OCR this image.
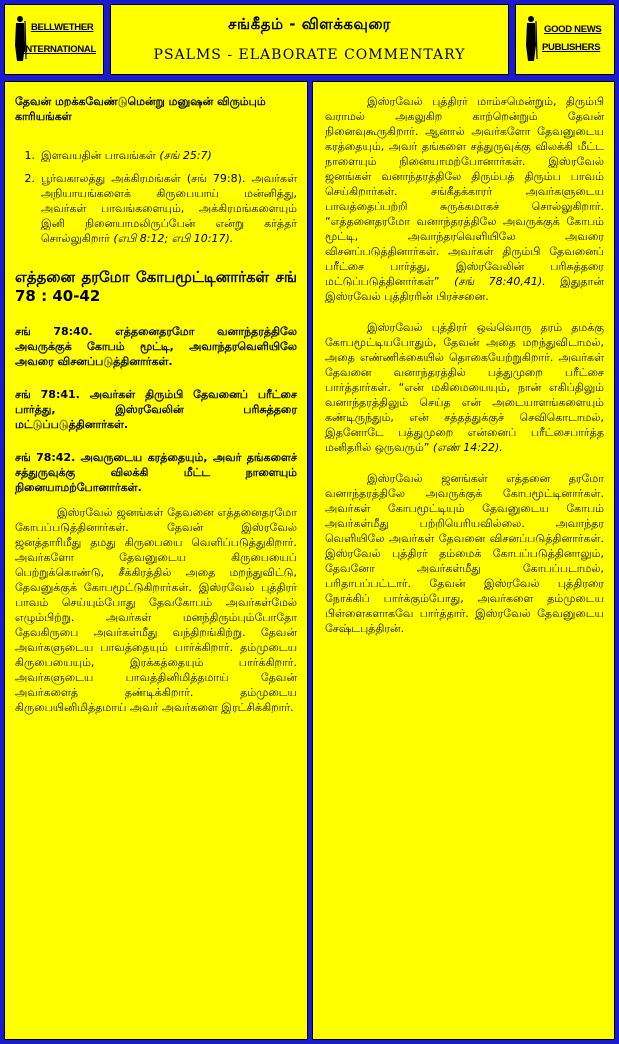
BELLWETHER
INTERNATIONAL
சங்கீதம் - விளக்கவுரை
PSALMS - ELABORATE COMMENTARY
GOOD NEWS
PUBLISHERS
தேவன் மறக்கவேண்டுமென்று மனுஷன் விரும்பும் காரியங்கள்
1. இளவயதின் பாவங்கள் (சங் 25:7)
2. பூர்வகாலத்து அக்கிரமங்கள் (சங் 79:8). அவர்கள் அநியாயங்களைக் கிருபையாய் மன்னித்து, அவர்கள் பாவங்களையும், அக்கிரமங்களையும் இனி நினையாமலிருப்பேன் என்று கர்த்தர் சொல்லுகிறார் (எபி 8:12; எபி 10:17).
எத்தனை தரமோ கோபமூட்டினார்கள் சங் 78 : 40-42
சங் 78:40. எத்தனைதரமோ வனாந்தரத்திலே அவருக்குக் கோபம் மூட்டி, அவாந்தரவெளியிலே அவரை விசனப்படுத்தினார்கள்.
சங் 78:41. அவர்கள் திரும்பி தேவனைப் பரீட்சை பார்த்து, இஸ்ரவேலின் பரிசுத்தரை மட்டுப்படுத்தினார்கள்.
சங் 78:42. அவருடைய கரத்தையும், அவர் தங்களைச் சத்துருவுக்கு விலக்கி மீட்ட நாளையும் நினையாமற்போனார்கள்.
இஸ்ரவேல் ஜனங்கள் தேவனை எத்தனைதரமோ கோபப்படுத்தினார்கள். தேவன் இஸ்ரவேல் ஜனத்தாரிமீது தமது கிருபையை வெளிப்படுத்துகிறார். அவர்களோ தேவனுடைய கிருபையைப் பெற்றுக்கொண்டு, சீக்கிரத்தில் அதை மறந்துவிட்டு, தேவனுக்குக் கோபமூட்டுகிறார்கள். இஸ்ரவேல் புத்திரர் பாவம் செய்யும்போது தேவகோபம் அவர்கள்மேல் எழும்பிற்று. அவர்கள் மனந்திரும்பும்போதோ தேவகிருபை அவர்கள்மீது வந்திறங்கிற்று. தேவன் அவர்களுடைய பாவத்தையும் பார்க்கிறார். தம்முடைய கிருபையையும், இரக்கத்தையும் பார்க்கிறார். அவர்களுடைய பாவத்தினிமித்தமாய் தேவன் அவர்களைத் தண்டிக்கிறார். தம்முடைய கிருபையினிமித்தமாய் அவர் அவர்களை இரட்சிக்கிறார்.
இஸ்ரவேல் புத்திரர் மாம்சமென்றும், திரும்பி வராமல் அகலுகிற காற்றென்றும் தேவன் நினைவுகூருகிறார். ஆனால் அவர்களோ தேவனுடைய கரத்தையும், அவர் தங்களை சத்துருவுக்கு விலக்கி மீட்ட நாளையும் நினையாமற்போனார்கள். இஸ்ரவேல் ஜனங்கள் வனாந்தரத்திலே திரும்பத் திரும்ப பாவம் செய்கிறார்கள். சங்கீதக்காரர் அவர்களுடைய பாவத்தைப்பற்றி சுருக்கமாகச் சொல்லுகிறார். “எத்தனைதரமோ வனாந்தரத்திலே அவருக்குக் கோபம் மூட்டி, அவாந்தரவெளியிலே அவரை விசனப்படுத்தினார்கள். அவர்கள் திரும்பி தேவனைப் பரீட்சை பார்த்து, இஸ்ரவேலின் பரிசுத்தரை மட்டுப்படுத்தினார்கள்” (சங் 78:40,41). இதுதான் இஸ்ரவேல் புத்திரரின் பிரச்சனை.
இஸ்ரவேல் புத்திரர் ஒவ்வொரு தரம் தமக்கு கோபமூட்டியபோதும், தேவன் அதை மறந்துவிடாமல், அதை எண்ணிக்கையில் தொகையேற்றுகிறார். அவர்கள் தேவனை வனாந்தரத்தில் பத்துமுறை பரீட்சை பார்த்தார்கள். “என் மகிமையையும், நான் எகிப்திலும் வனாந்தரத்திலும் செய்த என் அடையாளங்களையும் கண்டிருந்தும், என் சத்தத்துக்குச் செவிகொடாமல், இதனோடே பத்துமுறை என்னைப் பரீட்சைபார்த்த மனிதரில் ஒருவரும்” (எண் 14:22).
இஸ்ரவேல் ஜனங்கள் எத்தனை தரமோ வனாந்தரத்திலே அவருக்குக் கோபமூட்டினார்கள். அவர்கள் கோபமூட்டியும் தேவனுடைய கோபம் அவர்கள்மீது பற்றியெரியவில்லை. அவாந்தர வெளியிலே அவர்கள் தேவனை விசனப்படுத்தினார்கள். இஸ்ரவேல் புத்திரர் தம்மைக் கோபப்படுத்தினாலும், தேவனோ அவர்கள்மீது கோபப்படாமல், பரிதாபப்பட்டார். தேவன் இஸ்ரவேல் புத்திரரை நோக்கிப் பார்க்கும்போது, அவர்களை தம்முடைய பிள்ளைகளாகவே பார்த்தார். இஸ்ரவேல் தேவனுடைய சேஷ்டபுத்திரன்.
